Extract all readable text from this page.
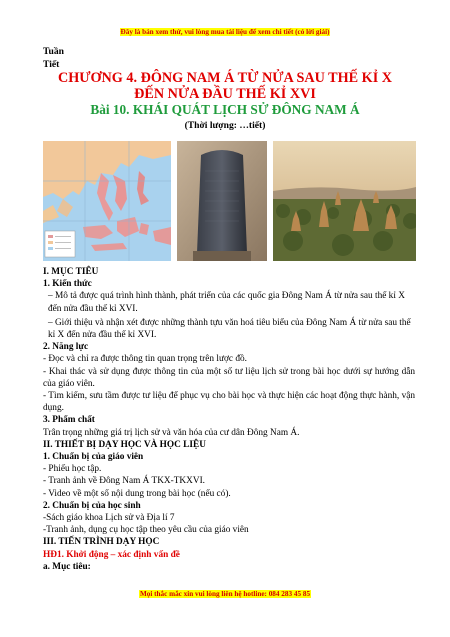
Đây là bản xem thử, vui lòng mua tài liệu để xem chi tiết (có lời giải)
Tuần
Tiết
CHƯƠNG 4. ĐÔNG NAM Á TỪ NỬA SAU THẾ KỈ X
ĐẾN NỬA ĐẦU THẾ KỈ XVI
Bài 10. KHÁI QUÁT LỊCH SỬ ĐÔNG NAM Á
(Thời lượng: …tiết)

I. MỤC TIÊU

1. Kiến thức

– Mô tả được quá trình hình thành, phát triển của các quốc gia Đông Nam Á từ nửa sau thế kỉ X đến nửa đầu thế kỉ XVI.

– Giới thiệu và nhận xét được những thành tựu văn hoá tiêu biểu của Đông Nam Á từ nửa sau thế kỉ X đến nửa đầu thế kỉ XVI.

2. Năng lực

- Đọc và chỉ ra được thông tin quan trọng trên lược đồ.

- Khai thác và sử dụng được thông tin của một số tư liệu lịch sử trong bài học dưới sự hướng dẫn của giáo viên.

- Tìm kiếm, sưu tầm được tư liệu để phục vụ cho bài học và thực hiện các hoạt động thực hành, vận dụng.

3. Phẩm chất

Trân trọng những giá trị lịch sử và văn hóa của cư dân Đông Nam Á.

II. THIẾT BỊ DẠY HỌC VÀ HỌC LIỆU

1. Chuẩn bị của giáo viên

- Phiếu học tập.

- Tranh ảnh về Đông Nam Á TKX-TKXVI.

- Video về một số nội dung trong bài học (nếu có).

2. Chuẩn bị của học sinh

-Sách giáo khoa Lịch sử và Địa lí 7

-Tranh ảnh, dụng cụ học tập theo yêu cầu của giáo viên

III. TIẾN TRÌNH DẠY HỌC

HĐ1. Khởi động – xác định vấn đề

a. Mục tiêu:

Mọi thắc mắc xin vui lòng liên hệ hotline: 084 283 45 85
